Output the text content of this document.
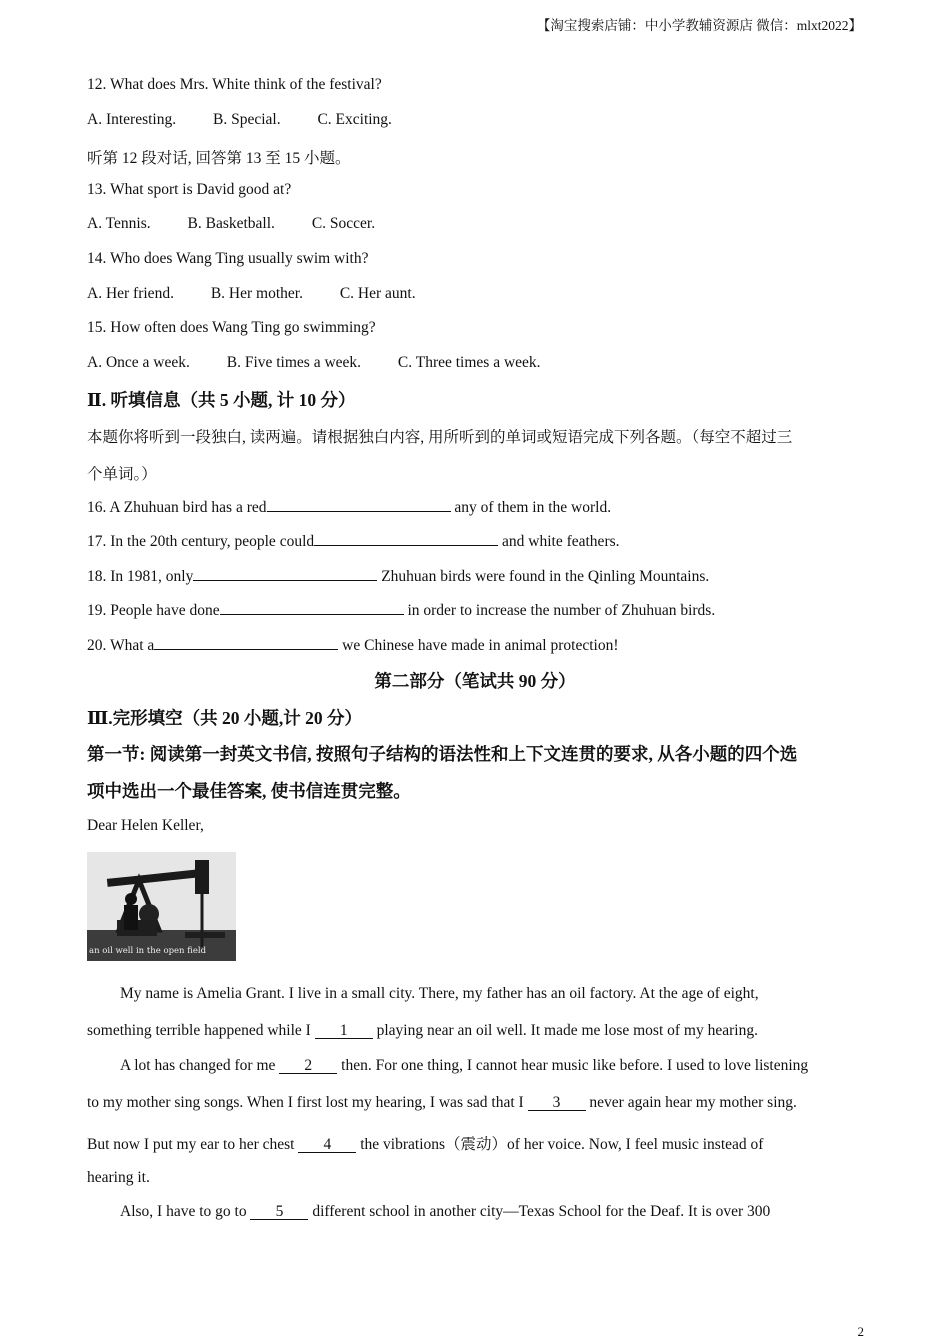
【淘宝搜索店铺：中小学教辅资源店 微信：mlxt2022】
12. What does Mrs. White think of the festival?
A. Interesting. B. Special. C. Exciting.
听第 12 段对话, 回答第 13 至 15 小题。
13. What sport is David good at?
A. Tennis. B. Basketball. C. Soccer.
14. Who does Wang Ting usually swim with?
A. Her friend. B. Her mother. C. Her aunt.
15. How often does Wang Ting go swimming?
A. Once a week. B. Five times a week. C. Three times a week.
Ⅱ. 听填信息（共 5 小题, 计 10 分）
本题你将听到一段独白, 读两遍。请根据独白内容, 用所听到的单词或短语完成下列各题。（每空不超过三
个单词。）
16. A Zhuhuan bird has a red	any of them in the world.
17. In the 20th century, people could	and white feathers.
18. In 1981, only	Zhuhuan birds were found in the Qinling Mountains.
19. People have done	in order to increase the number of Zhuhuan birds.
20. What a	we Chinese have made in animal protection!
第二部分（笔试共 90 分）
Ⅲ.完形填空（共 20 小题,计 20 分）
第一节: 阅读第一封英文书信, 按照句子结构的语法性和上下文连贯的要求, 从各小题的四个选
项中选出一个最佳答案, 使书信连贯完整。
Dear Helen Keller,
an oil well in the open field
My name is Amelia Grant. I live in a small city. There, my father has an oil factory. At the age of eight,
something terrible happened while I 1 playing near an oil well. It made me lose most of my hearing.
A lot has changed for me 2 then. For one thing, I cannot hear music like before. I used to love listening
to my mother sing songs. When I first lost my hearing, I was sad that I 3 never again hear my mother sing.
But now I put my ear to her chest 4 the vibrations（震动）of her voice. Now, I feel music instead of
hearing it.
Also, I have to go to 5 different school in another city—Texas School for the Deaf. It is over 300
2
